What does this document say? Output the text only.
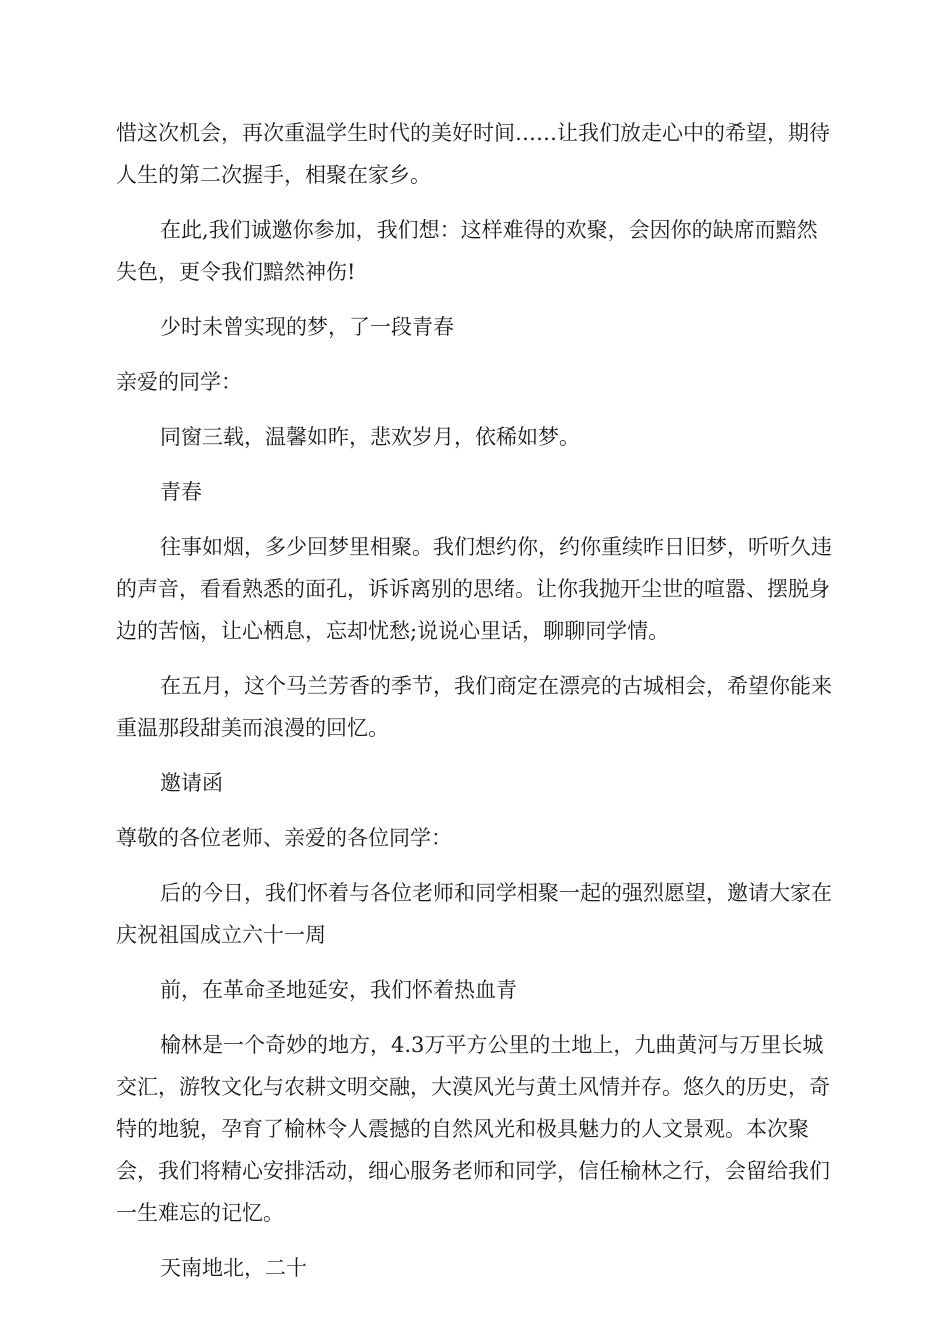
惜这次机会，再次重温学生时代的美好时间……让我们放走心中的希望，期待人生的第二次握手，相聚在家乡。

在此,我们诚邀你参加，我们想：这样难得的欢聚，会因你的缺席而黯然失色，更令我们黯然神伤!

少时未曾实现的梦，了一段青春

亲爱的同学：

同窗三载，温馨如昨，悲欢岁月，依稀如梦。

青春

往事如烟，多少回梦里相聚。我们想约你，约你重续昨日旧梦，听听久违的声音，看看熟悉的面孔，诉诉离别的思绪。让你我抛开尘世的喧嚣、摆脱身边的苦恼，让心栖息，忘却忧愁;说说心里话，聊聊同学情。

在五月，这个马兰芳香的季节，我们商定在漂亮的古城相会，希望你能来重温那段甜美而浪漫的回忆。

邀请函

尊敬的各位老师、亲爱的各位同学：

后的今日，我们怀着与各位老师和同学相聚一起的强烈愿望，邀请大家在庆祝祖国成立六十一周

前，在革命圣地延安，我们怀着热血青

榆林是一个奇妙的地方，4.3万平方公里的土地上，九曲黄河与万里长城交汇，游牧文化与农耕文明交融，大漠风光与黄土风情并存。悠久的历史，奇特的地貌，孕育了榆林令人震撼的自然风光和极具魅力的人文景观。本次聚会，我们将精心安排活动，细心服务老师和同学，信任榆林之行，会留给我们一生难忘的记忆。

天南地北，二十
